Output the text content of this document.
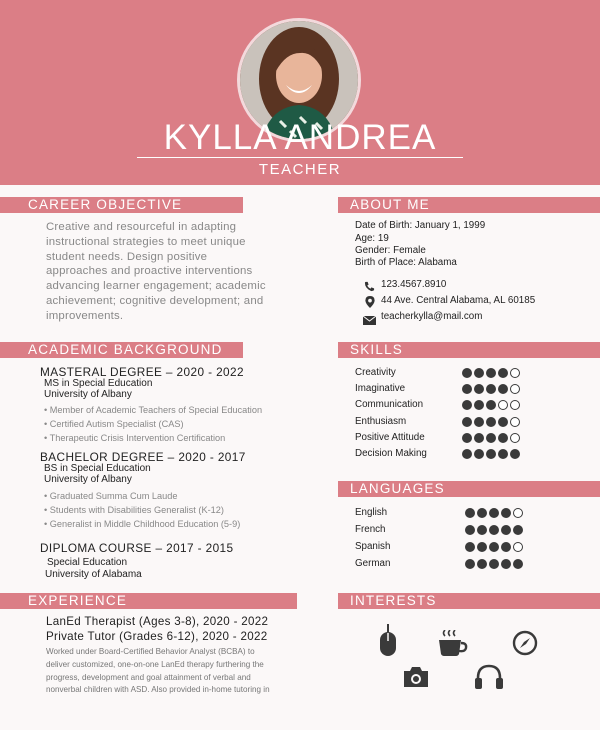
KYLLA ANDREA
TEACHER
CAREER OBJECTIVE	ABOUT ME
ACADEMIC BACKGROUND	SKILLS
LANGUAGES
EXPERIENCE	INTERESTS
Creative and resourceful in adapting
instructional strategies to meet unique
student needs. Design positive
approaches and proactive interventions
advancing learner engagement; academic
achievement; cognitive development; and
improvements.
Date of Birth: January 1, 1999
Age: 19
Gender: Female
Birth of Place: Alabama
123.4567.8910
44 Ave. Central Alabama, AL 60185
teacherkylla@mail.com
MASTERAL DEGREE – 2020 - 2022
MS in Special Education
University of Albany
• Member of Academic Teachers of Special Education
• Certified Autism Specialist (CAS)
• Therapeutic Crisis Intervention Certification
BACHELOR DEGREE – 2020 - 2017
BS in Special Education
University of Albany
• Graduated Summa Cum Laude
• Students with Disabilities Generalist (K-12)
• Generalist in Middle Childhood Education (5-9)
DIPLOMA COURSE – 2017 - 2015
Special Education
University of Alabama
Creativity
Imaginative
Communication
Enthusiasm
Positive Attitude
Decision Making
English
French
Spanish
German
LanEd Therapist (Ages 3-8), 2020 - 2022
Private Tutor (Grades 6-12), 2020 - 2022
Worked under Board-Certified Behavior Analyst (BCBA) to
deliver customized, one-on-one LanEd therapy furthering the
progress, development and goal attainment of verbal and
nonverbal children with ASD. Also provided in-home tutoring in
